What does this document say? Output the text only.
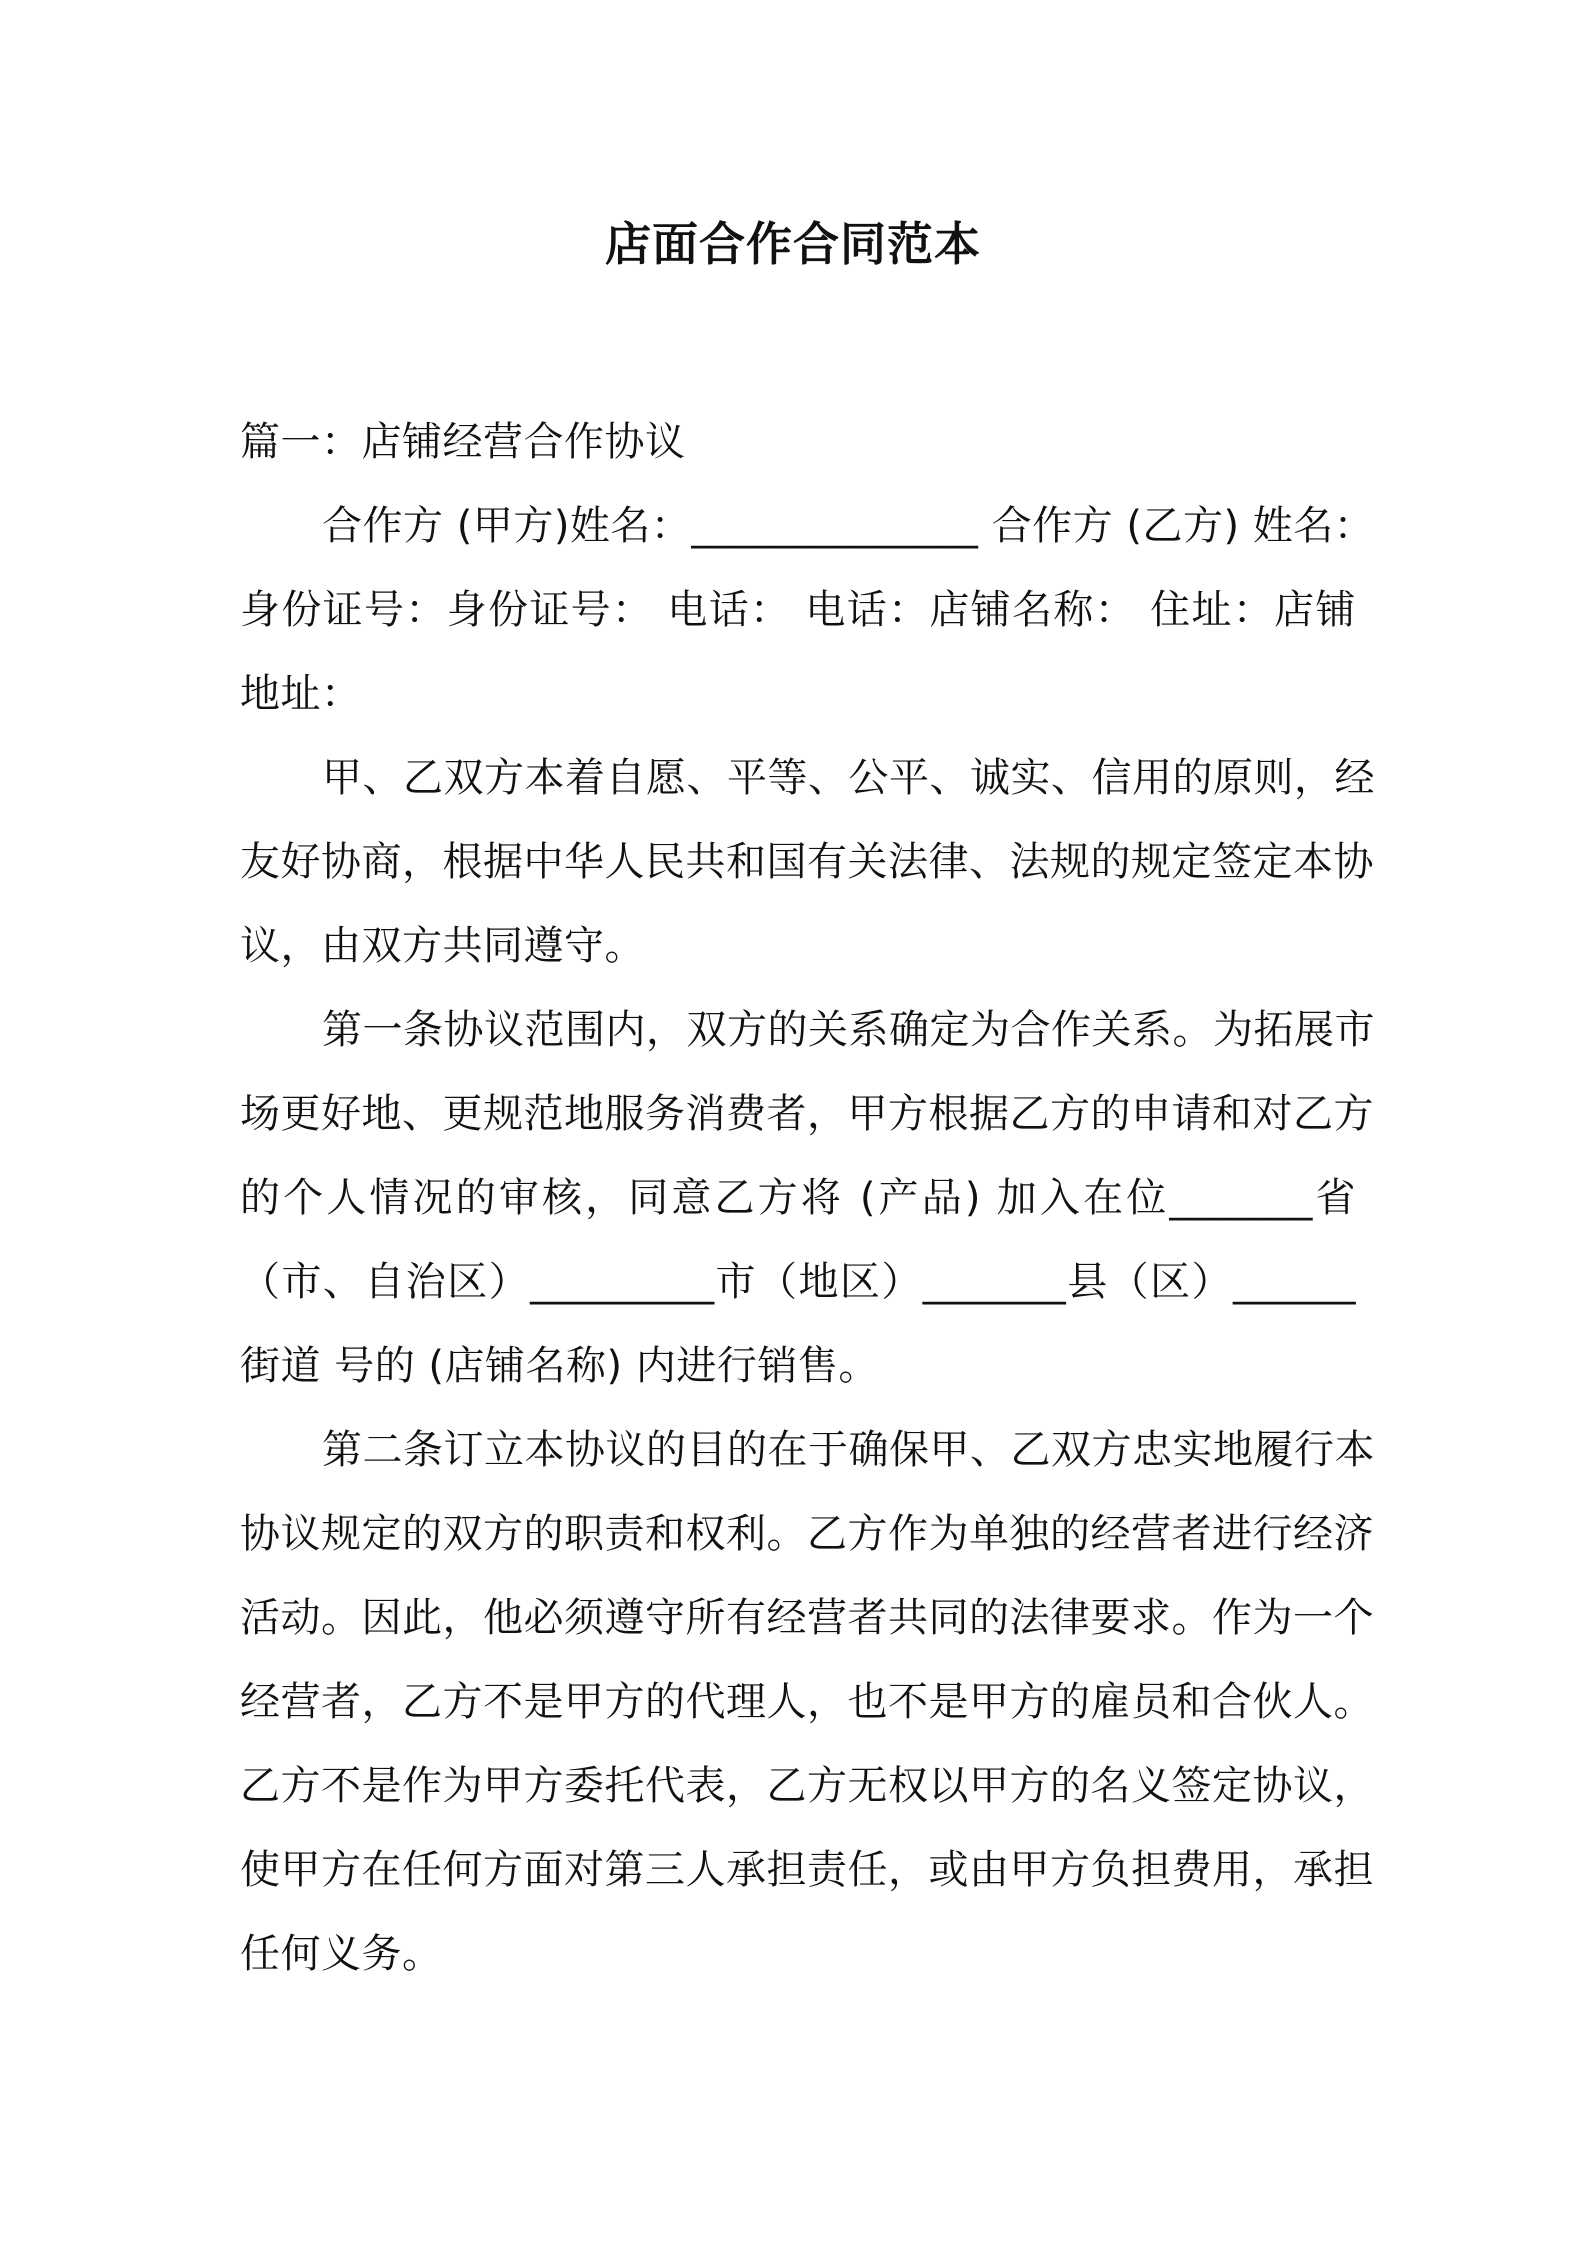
店面合作合同范本

篇一：店铺经营合作协议

合作方 (甲方)姓名：______________ 合作方 (乙方) 姓名：
身份证号：身份证号： 电话： 电话：店铺名称： 住址：店铺
地址：

甲、乙双方本着自愿、平等、公平、诚实、信用的原则，经
友好协商，根据中华人民共和国有关法律、法规的规定签定本协
议，由双方共同遵守。

第一条协议范围内，双方的关系确定为合作关系。为拓展市
场更好地、更规范地服务消费者，甲方根据乙方的申请和对乙方
的个人情况的审核，同意乙方将 (产品) 加入在位_______省
（市、自治区）_________市（地区）_______县（区）______
街道 号的 (店铺名称) 内进行销售。

第二条订立本协议的目的在于确保甲、乙双方忠实地履行本
协议规定的双方的职责和权利。乙方作为单独的经营者进行经济
活动。因此，他必须遵守所有经营者共同的法律要求。作为一个
经营者，乙方不是甲方的代理人，也不是甲方的雇员和合伙人。
乙方不是作为甲方委托代表，乙方无权以甲方的名义签定协议，
使甲方在任何方面对第三人承担责任，或由甲方负担费用，承担
任何义务。
